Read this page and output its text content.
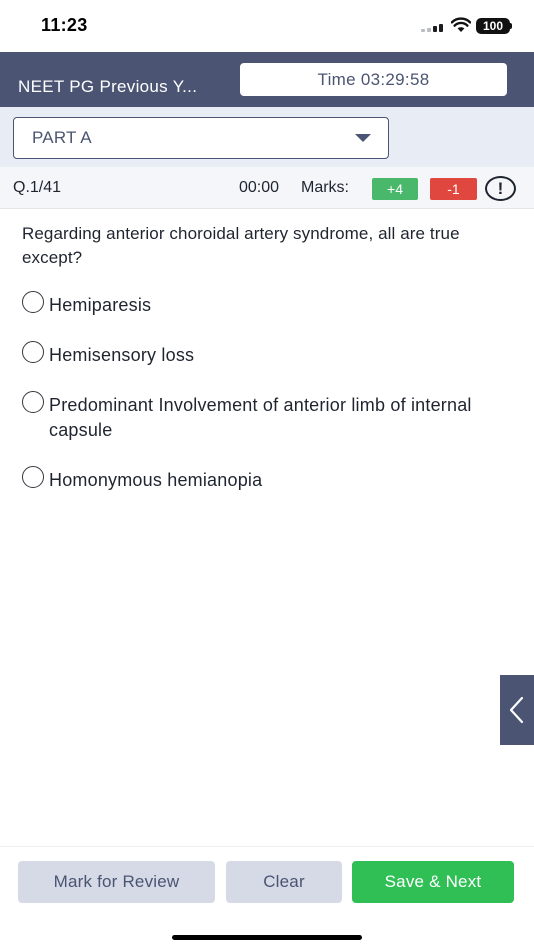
11:23	100
NEET PG Previous Y...	Time 03:29:58
PART A
Q.1/41	00:00 Marks:	+4	-1	!
Regarding anterior choroidal artery syndrome, all are true except?
Hemiparesis
Hemisensory loss
Predominant Involvement of anterior limb of internal capsule
Homonymous hemianopia
Mark for Review	Clear	Save & Next
